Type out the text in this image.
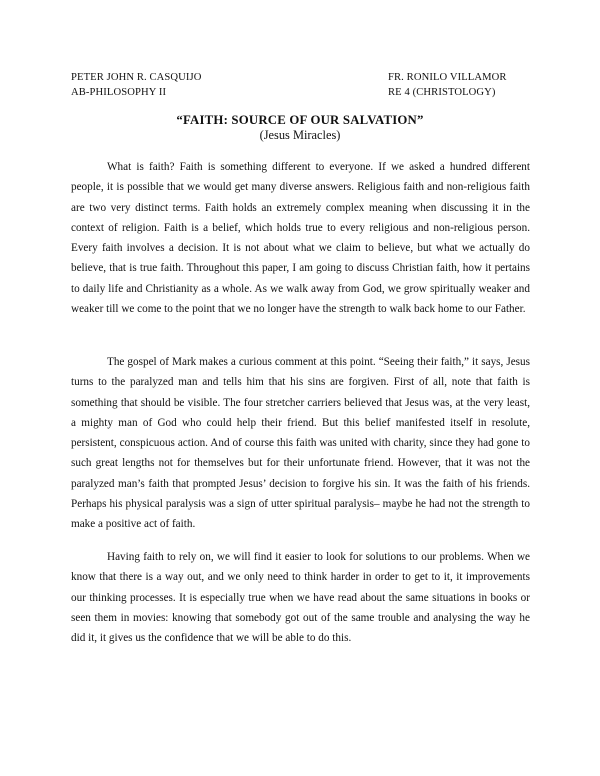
PETER JOHN R. CASQUIJO
AB-PHILOSOPHY II
FR. RONILO VILLAMOR
RE 4 (CHRISTOLOGY)
“FAITH: SOURCE OF OUR SALVATION”
(Jesus Miracles)

What is faith? Faith is something different to everyone. If we asked a hundred different people, it is possible that we would get many diverse answers. Religious faith and non-religious faith are two very distinct terms. Faith holds an extremely complex meaning when discussing it in the context of religion. Faith is a belief, which holds true to every religious and non-religious person. Every faith involves a decision. It is not about what we claim to believe, but what we actually do believe, that is true faith. Throughout this paper, I am going to discuss Christian faith, how it pertains to daily life and Christianity as a whole. As we walk away from God, we grow spiritually weaker and weaker till we come to the point that we no longer have the strength to walk back home to our Father.

The gospel of Mark makes a curious comment at this point. “Seeing their faith,” it says, Jesus turns to the paralyzed man and tells him that his sins are forgiven. First of all, note that faith is something that should be visible. The four stretcher carriers believed that Jesus was, at the very least, a mighty man of God who could help their friend. But this belief manifested itself in resolute, persistent, conspicuous action. And of course this faith was united with charity, since they had gone to such great lengths not for themselves but for their unfortunate friend. However, that it was not the paralyzed man’s faith that prompted Jesus’ decision to forgive his sin. It was the faith of his friends. Perhaps his physical paralysis was a sign of utter spiritual paralysis– maybe he had not the strength to make a positive act of faith.

Having faith to rely on, we will find it easier to look for solutions to our problems. When we know that there is a way out, and we only need to think harder in order to get to it, it improvements our thinking processes. It is especially true when we have read about the same situations in books or seen them in movies: knowing that somebody got out of the same trouble and analysing the way he did it, it gives us the confidence that we will be able to do this.
